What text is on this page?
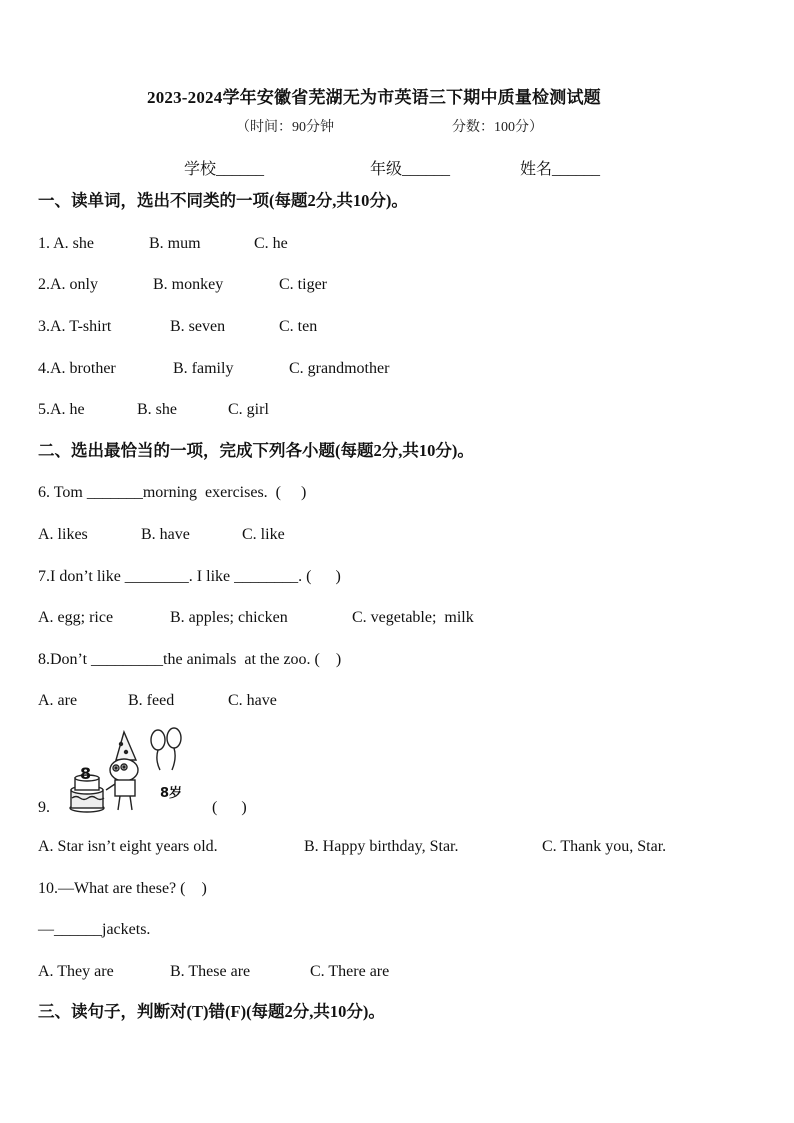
2023-2024学年安徽省芜湖无为市英语三下期中质量检测试题
（时间：90分钟	分数：100分）
学校______	年级______	姓名______
一、读单词，选出不同类的一项(每题2分,共10分)。
1. A. she	B. mum	C. he
2.A. only	B. monkey	C. tiger
3.A. T-shirt	B. seven	C. ten
4.A. brother	B. family	C. grandmother
5.A. he	B. she	C. girl
二、选出最恰当的一项，完成下列各小题(每题2分,共10分)。
6. Tom _______morning  exercises.  (     )
A. likes	B. have	C. like
7.I don’t like ________. I like ________. (      )
A. egg; rice	B. apples; chicken	C. vegetable;  milk
8.Don’t _________the animals  at the zoo. (    )
A. are	B. feed	C. have
9.
8
8岁
(      )
A. Star isn’t eight years old.	B. Happy birthday, Star.	C. Thank you, Star.
10.—What are these? (    )
—______jackets.
A. They are	B. These are	C. There are
三、读句子，判断对(T)错(F)(每题2分,共10分)。
